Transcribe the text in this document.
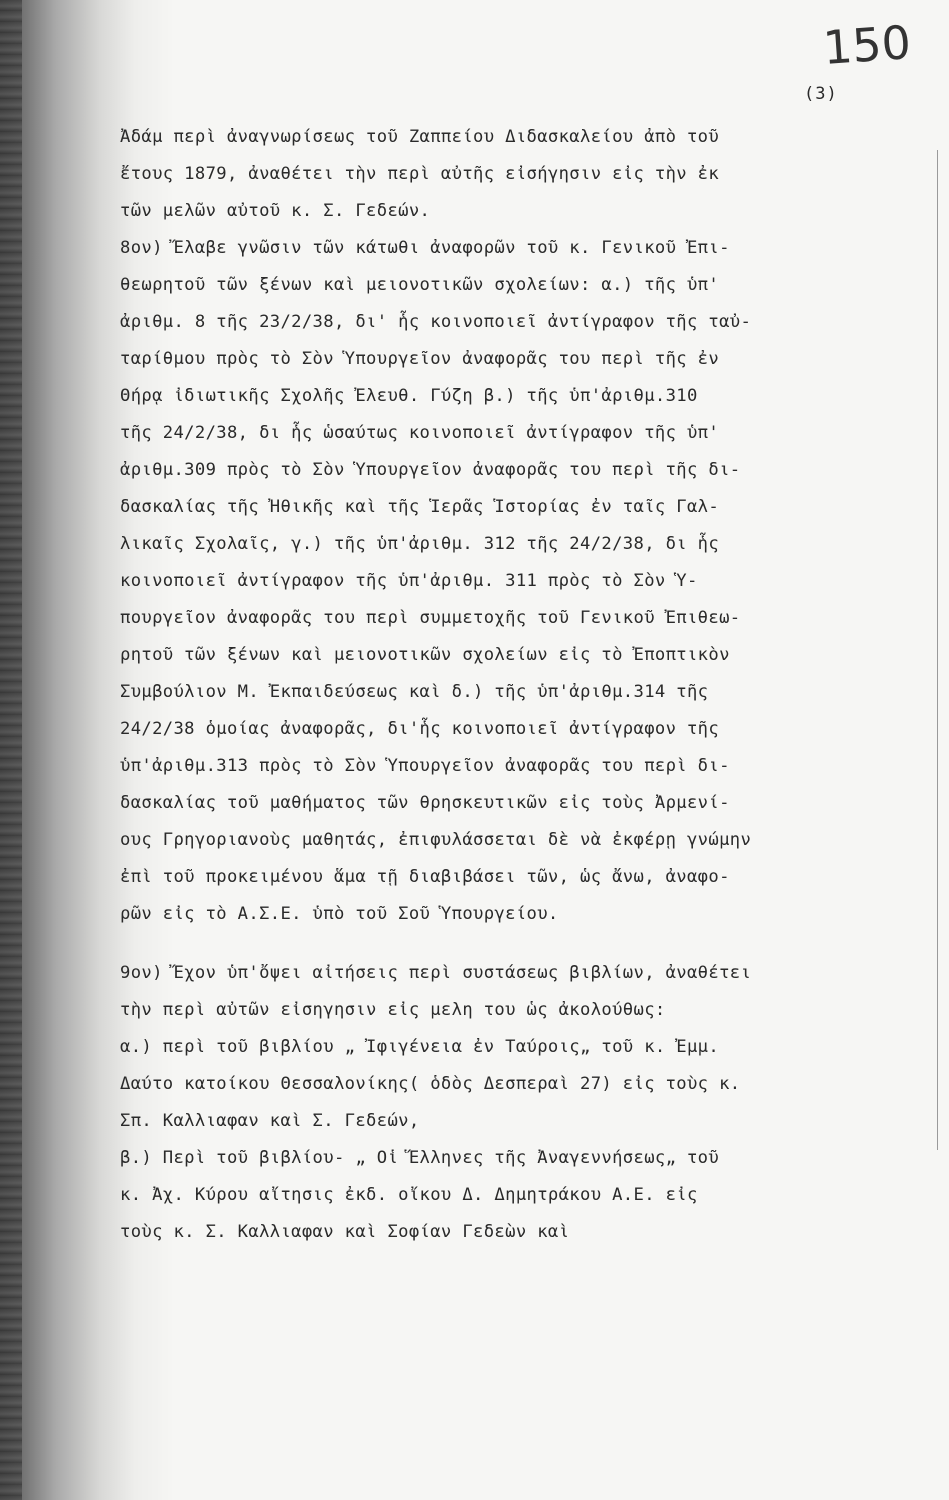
150
(3)
Ἀδάμ περὶ ἀναγνωρίσεως τοῦ Ζαππείου Διδασκαλείου ἀπὸ τοῦ
ἔτους 1879, ἀναθέτει τὴν περὶ αὐτῆς εἰσήγησιν εἰς τὴν ἐκ
τῶν μελῶν αὐτοῦ κ. Σ. Γεδεών.
8ον) Ἔλαβε γνῶσιν τῶν κάτωθι ἀναφορῶν τοῦ κ. Γενικοῦ Ἐπι-
θεωρητοῦ τῶν ξένων καὶ μειονοτικῶν σχολείων: α.) τῆς ὑπ'
ἀριθμ. 8 τῆς 23/2/38, δι' ἧς κοινοποιεῖ ἀντίγραφον τῆς ταὐ-
ταρίθμου πρὸς τὸ Σὸν Ὑπουργεῖον ἀναφορᾶς του περὶ τῆς ἐν
Θήρᾳ ἰδιωτικῆς Σχολῆς Ἐλευθ. Γύζη β.) τῆς ὑπ'ἀριθμ.310
τῆς 24/2/38, δι ἧς ὡσαύτως κοινοποιεῖ ἀντίγραφον τῆς ὑπ'
ἀριθμ.309 πρὸς τὸ Σὸν Ὑπουργεῖον ἀναφορᾶς του περὶ τῆς δι-
δασκαλίας τῆς Ἠθικῆς καὶ τῆς Ἱερᾶς Ἱστορίας ἐν ταῖς Γαλ-
λικαῖς Σχολαῖς, γ.) τῆς ὑπ'ἀριθμ. 312 τῆς 24/2/38, δι ἧς
κοινοποιεῖ ἀντίγραφον τῆς ὑπ'ἀριθμ. 311 πρὸς τὸ Σὸν Ὑ-
πουργεῖον ἀναφορᾶς του περὶ συμμετοχῆς τοῦ Γενικοῦ Ἐπιθεω-
ρητοῦ τῶν ξένων καὶ μειονοτικῶν σχολείων εἰς τὸ Ἐποπτικὸν
Συμβούλιον Μ. Ἐκπαιδεύσεως καὶ δ.) τῆς ὑπ'ἀριθμ.314 τῆς
24/2/38 ὁμοίας ἀναφορᾶς, δι'ἧς κοινοποιεῖ ἀντίγραφον τῆς
ὑπ'ἀριθμ.313 πρὸς τὸ Σὸν Ὑπουργεῖον ἀναφορᾶς του περὶ δι-
δασκαλίας τοῦ μαθήματος τῶν θρησκευτικῶν εἰς τοὺς Ἀρμενί-
ους Γρηγοριανοὺς μαθητάς, ἐπιφυλάσσεται δὲ νὰ ἐκφέρῃ γνώμην
ἐπὶ τοῦ προκειμένου ἅμα τῇ διαβιβάσει τῶν, ὡς ἄνω, ἀναφο-
ρῶν εἰς τὸ Α.Σ.Ε. ὑπὸ τοῦ Σοῦ Ὑπουργείου.
9ον) Ἔχον ὑπ'ὄψει αἰτήσεις περὶ συστάσεως βιβλίων, ἀναθέτει
τὴν περὶ αὐτῶν εἰσηγησιν εἰς μελη του ὡς ἀκολούθως:
α.) περὶ τοῦ βιβλίου „ Ἰφιγένεια ἐν Ταύροις„ τοῦ κ. Ἐμμ.
Δαύτο κατοίκου Θεσσαλονίκης( ὁδὸς Δεσπεραὶ 27) εἰς τοὺς κ.
Σπ. Καλλιαφαν καὶ Σ. Γεδεών,
β.) Περὶ τοῦ βιβλίου- „ Οἱ Ἕλληνες τῆς Ἀναγεννήσεως„ τοῦ
κ. Ἀχ. Κύρου αἴτησις ἐκδ. οἴκου Δ. Δημητράκου Α.Ε. εἰς
τοὺς κ. Σ. Καλλιαφαν καὶ Σοφίαν Γεδεὼν καὶ
